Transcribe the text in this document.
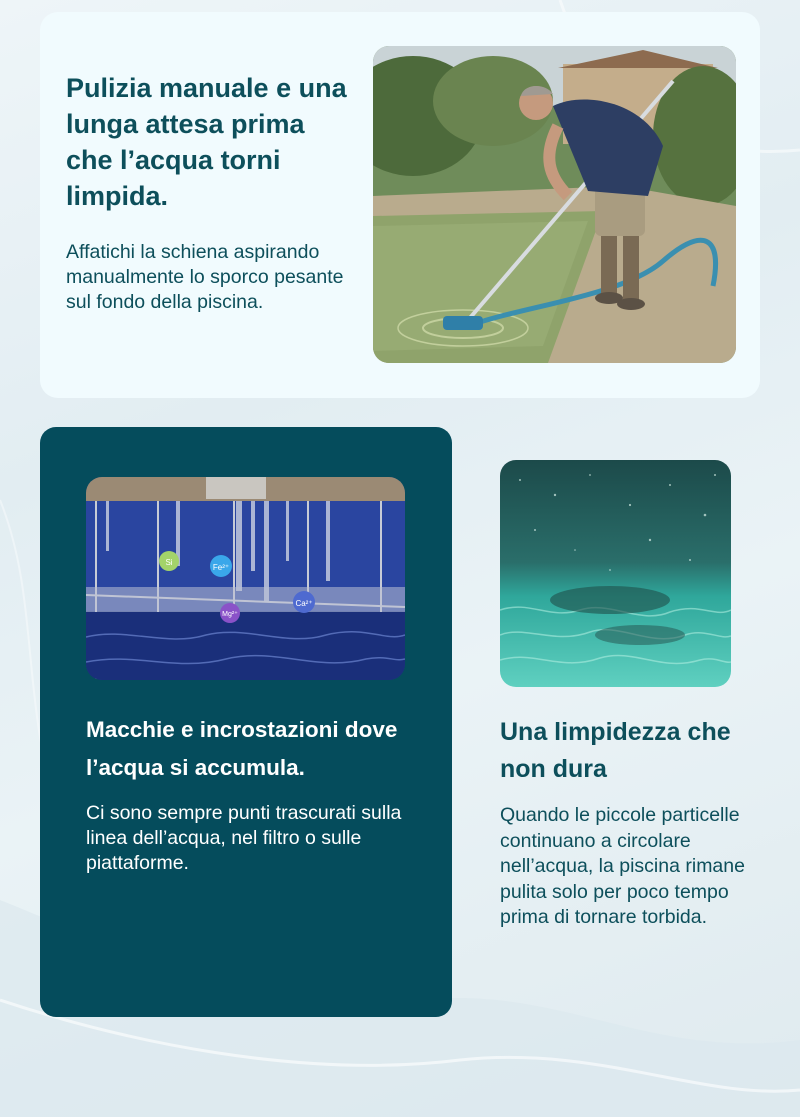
Pulizia manuale e una lunga attesa prima che l’acqua torni limpida.

Affatichi la schiena aspirando manualmente lo sporco pesante sul fondo della piscina.

Si
Fe²⁺
Mg²⁺
Ca²⁺
Macchie e incrostazioni dove l’acqua si accumula.

Ci sono sempre punti trascurati sulla linea dell’acqua, nel filtro o sulle piattaforme.

Una limpidezza che non dura

Quando le piccole particelle continuano a circolare nell’acqua, la piscina rimane pulita solo per poco tempo prima di tornare torbida.
